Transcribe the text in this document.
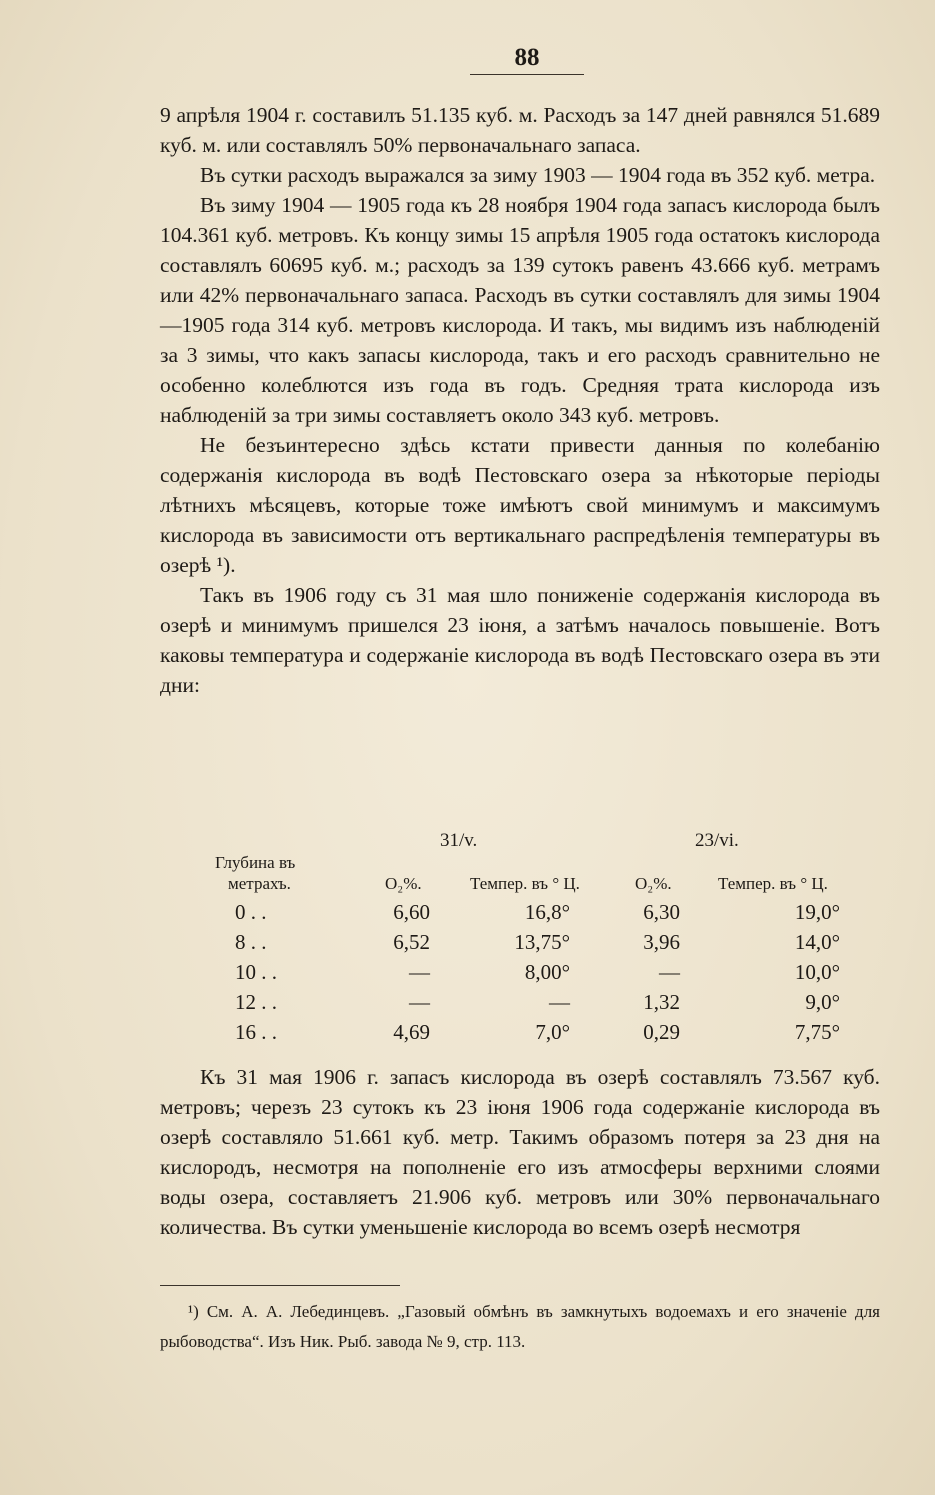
88

9 апрѣля 1904 г. составилъ 51.135 куб. м. Расходъ за 147 дней равнялся 51.689 куб. м. или составлялъ 50% первоначальнаго запаса.

Въ сутки расходъ выражался за зиму 1903 — 1904 года въ 352 куб. метра.

Въ зиму 1904 — 1905 года къ 28 ноября 1904 года запасъ кислорода былъ 104.361 куб. метровъ. Къ концу зимы 15 апрѣля 1905 года остатокъ кислорода составлялъ 60695 куб. м.; расходъ за 139 сутокъ равенъ 43.666 куб. метрамъ или 42% первоначальнаго запаса. Расходъ въ сутки составлялъ для зимы 1904—1905 года 314 куб. метровъ кислорода. И такъ, мы видимъ изъ наблюденій за 3 зимы, что какъ запасы кислорода, такъ и его расходъ сравнительно не особенно колеблются изъ года въ годъ. Средняя трата кислорода изъ наблюденій за три зимы составляетъ около 343 куб. метровъ.

Не безъинтересно здѣсь кстати привести данныя по колебанію содержанія кислорода въ водѣ Пестовскаго озера за нѣкоторые періоды лѣтнихъ мѣсяцевъ, которые тоже имѣютъ свой минимумъ и максимумъ кислорода въ зависимости отъ вертикальнаго распредѣленія температуры въ озерѣ ¹).

Такъ въ 1906 году съ 31 мая шло пониженіе содержанія кислорода въ озерѣ и минимумъ пришелся 23 іюня, а затѣмъ началось повышеніе. Вотъ каковы температура и содержаніе кислорода въ водѣ Пестовскаго озера въ эти дни:

31/v.	23/vi.
Глубина въ
метрахъ.	O₂%.	Темпер. въ ° Ц.	O₂%.	Темпер. въ ° Ц.
0 . .	6,60	16,8°	6,30	19,0°
8 . .	6,52	13,75°	3,96	14,0°
10 . .	—	8,00°	—	10,0°
12 . .	—	—	1,32	9,0°
16 . .	4,69	7,0°	0,29	7,75°

Къ 31 мая 1906 г. запасъ кислорода въ озерѣ составлялъ 73.567 куб. метровъ; черезъ 23 сутокъ къ 23 іюня 1906 года содержаніе кислорода въ озерѣ составляло 51.661 куб. метр. Такимъ образомъ потеря за 23 дня на кислородъ, несмотря на пополненіе его изъ атмосферы верхними слоями воды озера, составляетъ 21.906 куб. метровъ или 30% первоначальнаго количества. Въ сутки уменьшеніе кислорода во всемъ озерѣ несмотря

¹) См. А. А. Лебединцевъ. „Газовый обмѣнъ въ замкнутыхъ водоемахъ и его значеніе для рыбоводства“. Изъ Ник. Рыб. завода № 9, стр. 113.
